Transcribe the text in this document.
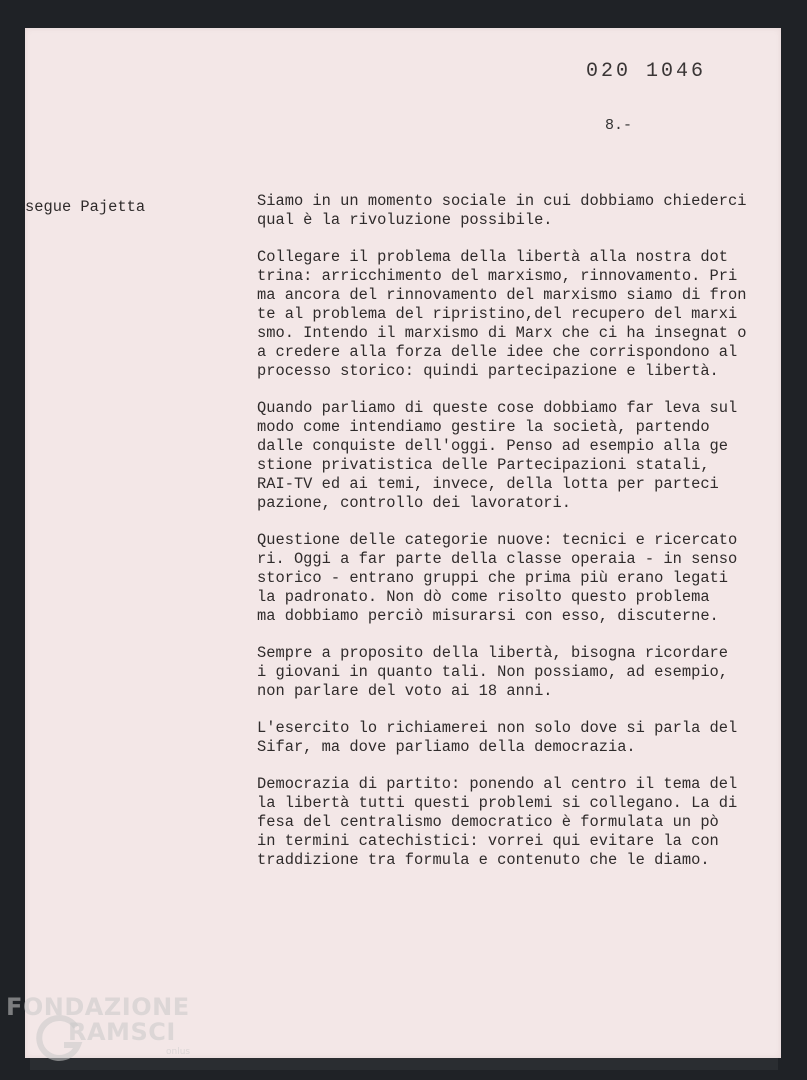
020 1046
8.-
segue Pajetta	Siamo in un momento sociale in cui dobbiamo chiederci
qual è la rivoluzione possibile.

Collegare il problema della libertà alla nostra dot
trina: arricchimento del marxismo, rinnovamento. Pri
ma ancora del rinnovamento del marxismo siamo di fron
te al problema del ripristino,del recupero del marxi
smo. Intendo il marxismo di Marx che ci ha insegnat o
a credere alla forza delle idee che corrispondono al
processo storico: quindi partecipazione e libertà.

Quando parliamo di queste cose dobbiamo far leva sul
modo come intendiamo gestire la società, partendo
dalle conquiste dell'oggi. Penso ad esempio alla ge
stione privatistica delle Partecipazioni statali,
RAI-TV ed ai temi, invece, della lotta per parteci
pazione, controllo dei lavoratori.

Questione delle categorie nuove: tecnici e ricercato
ri. Oggi a far parte della classe operaia - in senso
storico - entrano gruppi che prima più erano legati
la padronato. Non dò come risolto questo problema
ma dobbiamo perciò misurarsi con esso, discuterne.

Sempre a proposito della libertà, bisogna ricordare
i giovani in quanto tali. Non possiamo, ad esempio,
non parlare del voto ai 18 anni.

L'esercito lo richiamerei non solo dove si parla del
Sifar, ma dove parliamo della democrazia.

Democrazia di partito: ponendo al centro il tema del
la libertà tutti questi problemi si collegano. La di
fesa del centralismo democratico è formulata un pò
in termini catechistici: vorrei qui evitare la con
traddizione tra formula e contenuto che le diamo.

FONDAZIONE
RAMSCI
onlus
